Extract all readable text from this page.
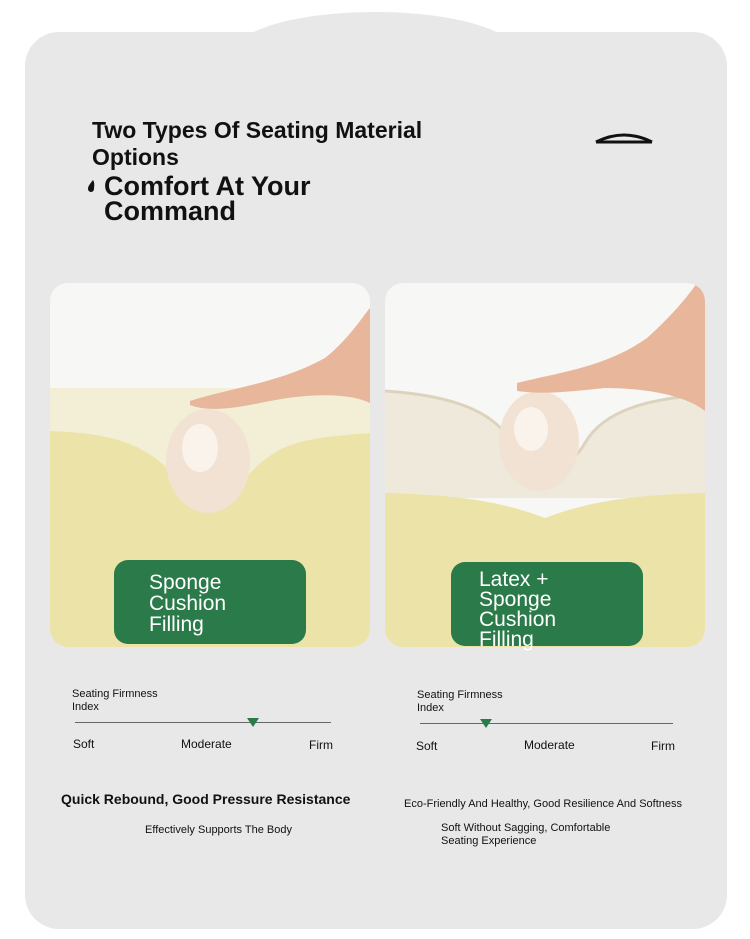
Two Types Of Seating Material Options
Comfort At Your Command
Sponge
Cushion
Filling
Latex +
Sponge
Cushion
Filling

Seating Firmness
Index

Soft	Moderate	Firm

Seating Firmness
Index

Soft	Moderate	Firm

Quick Rebound, Good Pressure Resistance

Effectively Supports The Body

Eco-Friendly And Healthy, Good Resilience And Softness

Soft Without Sagging, Comfortable
Seating Experience
